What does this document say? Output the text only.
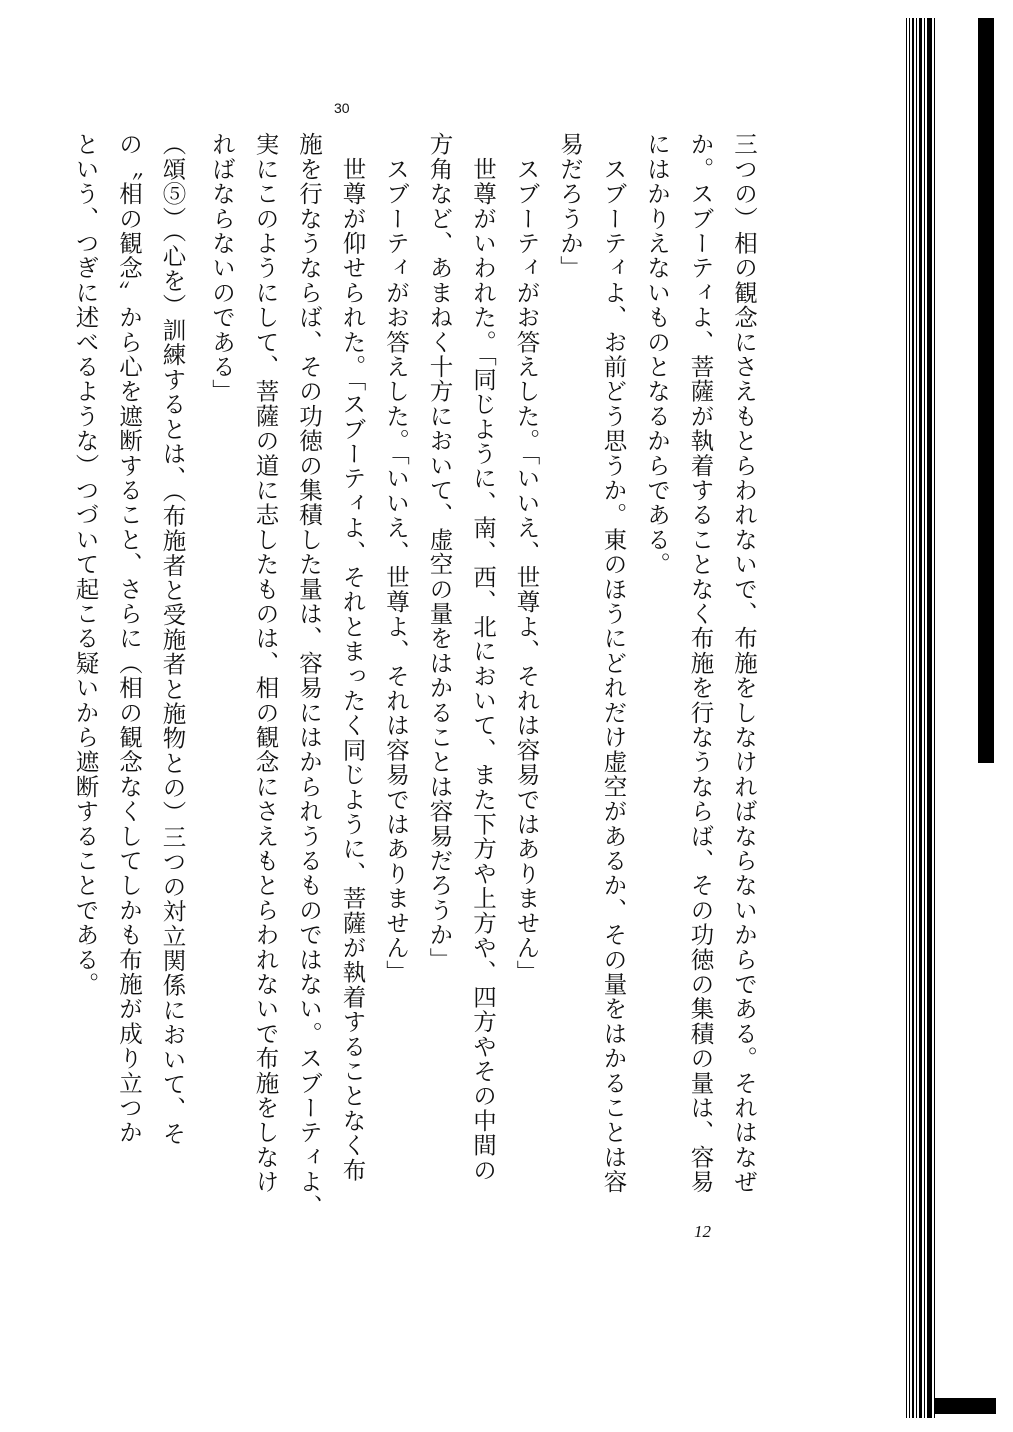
30
三つの）相の観念にさえもとらわれないで、布施をしなければならないからである。それはなぜ
か。スブーティよ、菩薩が執着することなく布施を行なうならば、その功徳の集積の量は、容易
にはかりえないものとなるからである。
　スブーティよ、お前どう思うか。東のほうにどれだけ虚空があるか、その量をはかることは容
易だろうか」
　スブーティがお答えした。「いいえ、世尊よ、それは容易ではありません」
　世尊がいわれた。「同じように、南、西、北において、また下方や上方や、四方やその中間の
方角など、あまねく十方において、虚空の量をはかることは容易だろうか」
　スブーティがお答えした。「いいえ、世尊よ、それは容易ではありません」
　世尊が仰せられた。「スブーティよ、それとまったく同じように、菩薩が執着することなく布
施を行なうならば、その功徳の集積した量は、容易にはかられうるものではない。スブーティよ、
実にこのようにして、菩薩の道に志したものは、相の観念にさえもとらわれないで布施をしなけ
ればならないのである」
（頌⑤）（心を）訓練するとは、（布施者と受施者と施物との）三つの対立関係において、そ
の〝相の観念〟から心を遮断すること、さらに（相の観念なくしてしかも布施が成り立つか
という、つぎに述べるような）つづいて起こる疑いから遮断することである。
12
